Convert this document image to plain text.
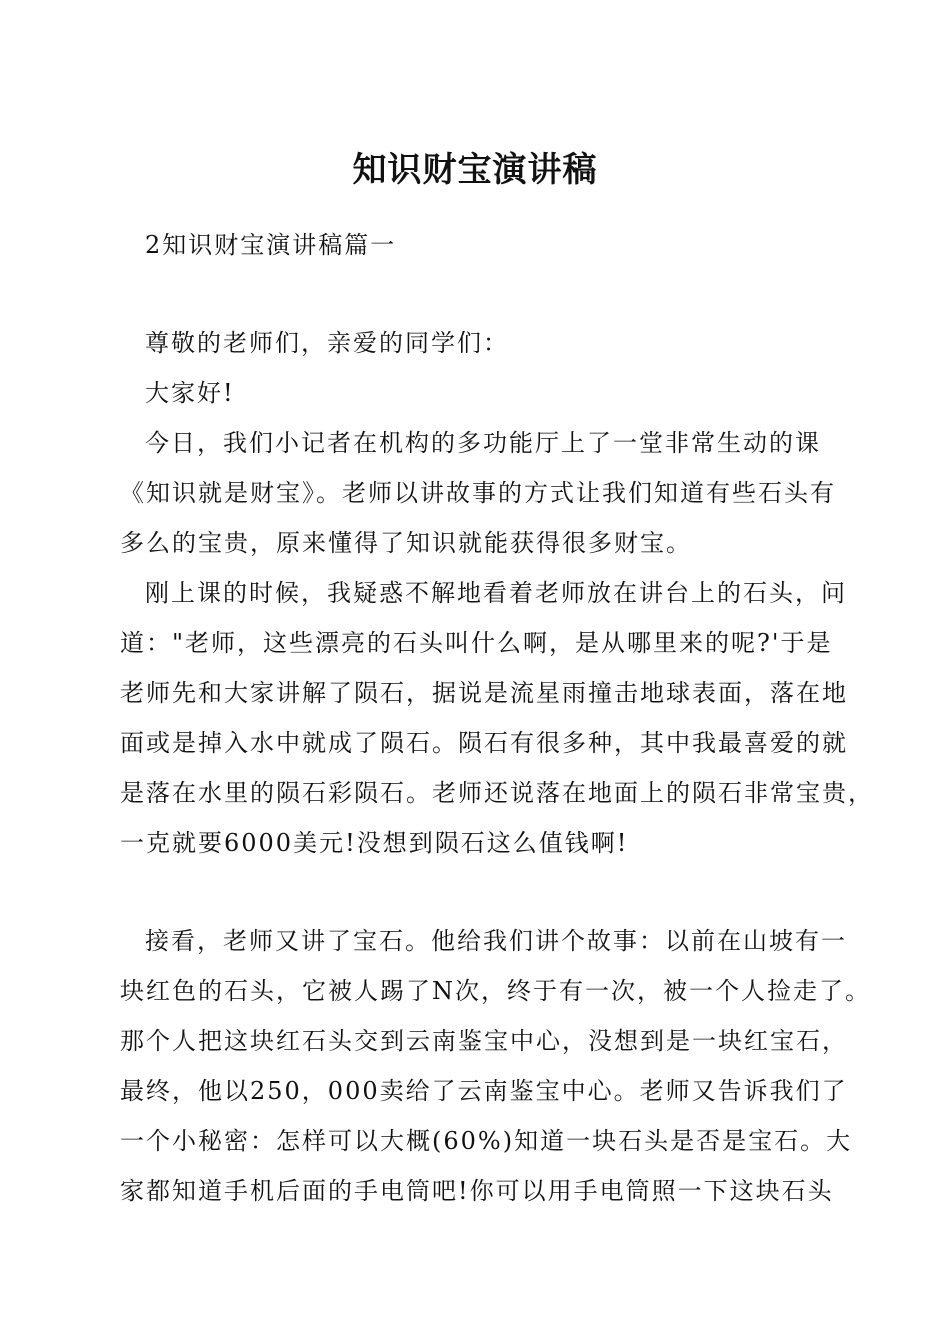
知识财宝演讲稿
2知识财宝演讲稿篇一
尊敬的老师们，亲爱的同学们：
大家好!
今日，我们小记者在机构的多功能厅上了一堂非常生动的课
《知识就是财宝》。老师以讲故事的方式让我们知道有些石头有
多么的宝贵，原来懂得了知识就能获得很多财宝。
刚上课的时候，我疑惑不解地看着老师放在讲台上的石头，问
道："老师，这些漂亮的石头叫什么啊，是从哪里来的呢?'于是
老师先和大家讲解了陨石，据说是流星雨撞击地球表面，落在地
面或是掉入水中就成了陨石。陨石有很多种，其中我最喜爱的就
是落在水里的陨石彩陨石。老师还说落在地面上的陨石非常宝贵，
一克就要6000美元!没想到陨石这么值钱啊!
接看，老师又讲了宝石。他给我们讲个故事：以前在山坡有一
块红色的石头，它被人踢了N次，终于有一次，被一个人捡走了。
那个人把这块红石头交到云南鉴宝中心，没想到是一块红宝石，
最终，他以250，000卖给了云南鉴宝中心。老师又告诉我们了
一个小秘密：怎样可以大概(60%)知道一块石头是否是宝石。大
家都知道手机后面的手电筒吧!你可以用手电筒照一下这块石头
